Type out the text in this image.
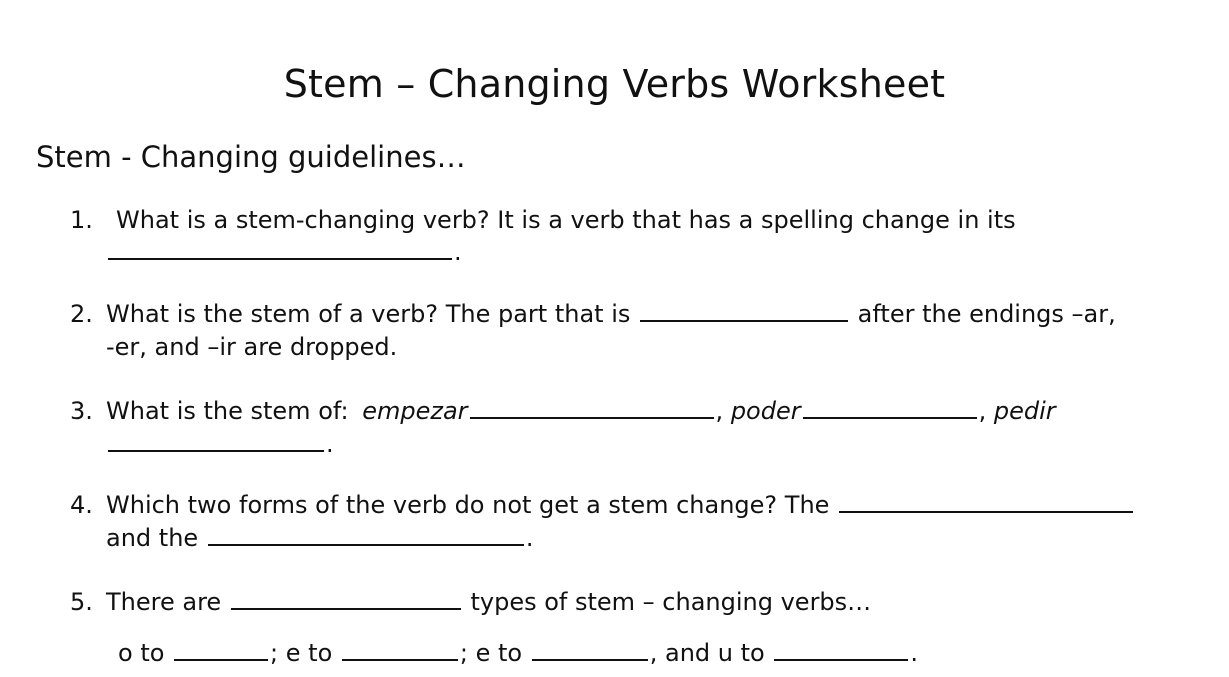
Stem – Changing Verbs Worksheet
Stem - Changing guidelines…
1. What is a stem-changing verb? It is a verb that has a spelling change in its
.
2. What is the stem of a verb? The part that is	after the endings –ar,
-er, and –ir are dropped.
3. What is the stem of: empezar	, poder	, pedir
.
4. Which two forms of the verb do not get a stem change? The
and the	.
5. There are	types of stem – changing verbs…
o to	; e to	; e to	, and u to	.
